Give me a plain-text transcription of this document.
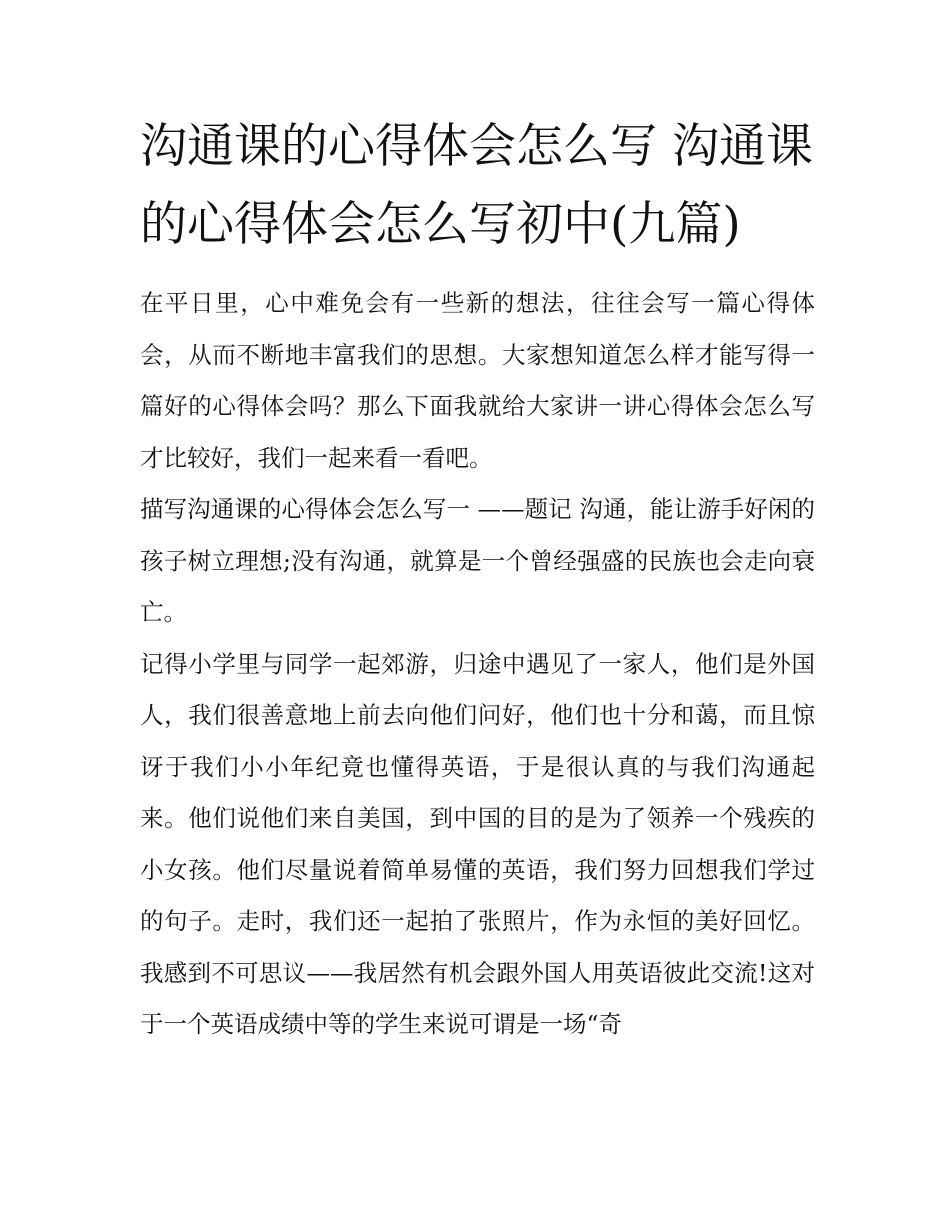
沟通课的心得体会怎么写 沟通课的心得体会怎么写初中(九篇)

在平日里，心中难免会有一些新的想法，往往会写一篇心得体会，从而不断地丰富我们的思想。大家想知道怎么样才能写得一篇好的心得体会吗？那么下面我就给大家讲一讲心得体会怎么写才比较好，我们一起来看一看吧。

描写沟通课的心得体会怎么写一 ——题记 沟通，能让游手好闲的孩子树立理想;没有沟通，就算是一个曾经强盛的民族也会走向衰亡。

记得小学里与同学一起郊游，归途中遇见了一家人，他们是外国人，我们很善意地上前去向他们问好，他们也十分和蔼，而且惊讶于我们小小年纪竟也懂得英语，于是很认真的与我们沟通起来。他们说他们来自美国，到中国的目的是为了领养一个残疾的小女孩。他们尽量说着简单易懂的英语，我们努力回想我们学过的句子。走时，我们还一起拍了张照片，作为永恒的美好回忆。我感到不可思议——我居然有机会跟外国人用英语彼此交流!这对于一个英语成绩中等的学生来说可谓是一场“奇
